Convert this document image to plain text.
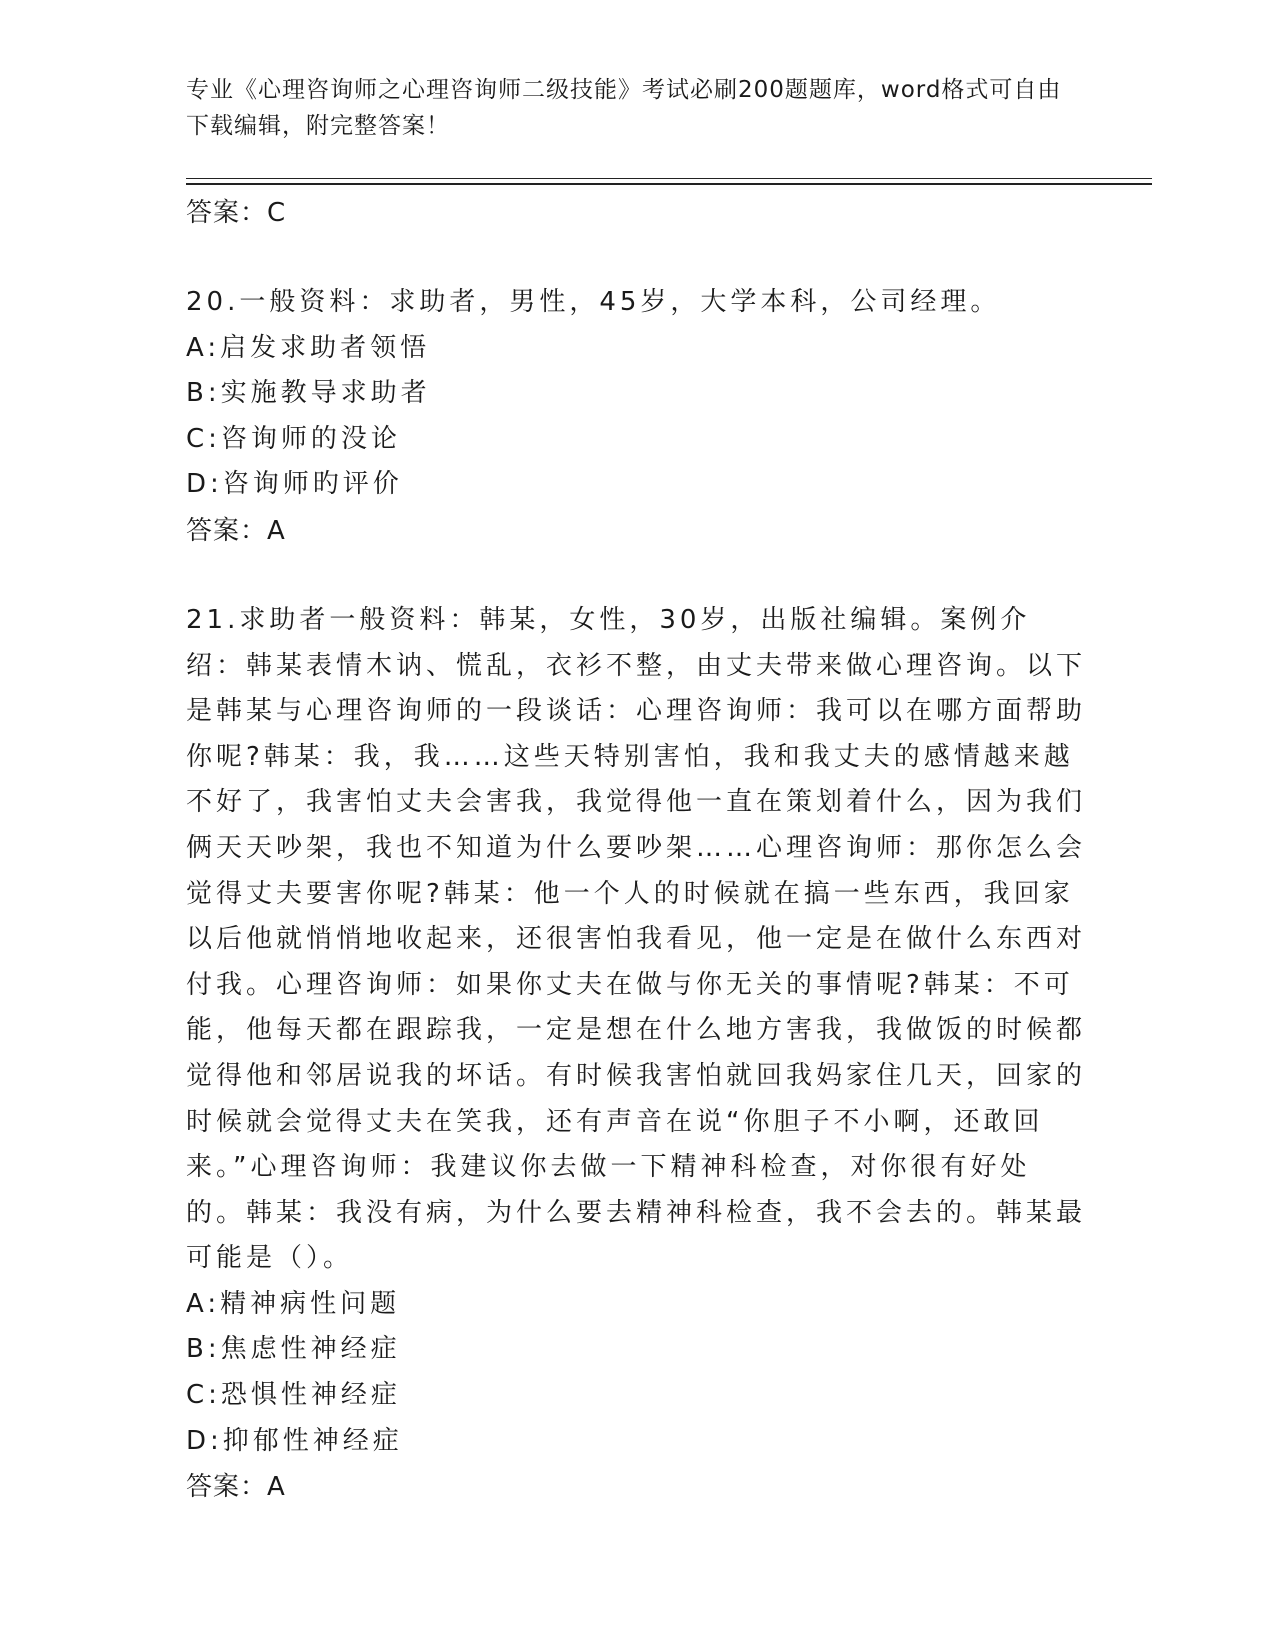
专业《心理咨询师之心理咨询师二级技能》考试必刷200题题库，word格式可自由下载编辑，附完整答案！
答案：C

20.一般资料：求助者，男性，45岁，大学本科，公司经理。

A:启发求助者领悟
B:实施教导求助者
C:咨询师的没论
D:咨询师旳评价
答案：A

21.求助者一般资料：韩某，女性，30岁，出版社编辑。案例介绍：韩某表情木讷、慌乱，衣衫不整，由丈夫带来做心理咨询。以下是韩某与心理咨询师的一段谈话：心理咨询师：我可以在哪方面帮助你呢?韩某：我，我……这些天特别害怕，我和我丈夫的感情越来越不好了，我害怕丈夫会害我，我觉得他一直在策划着什么，因为我们俩天天吵架，我也不知道为什么要吵架……心理咨询师：那你怎么会觉得丈夫要害你呢?韩某：他一个人的时候就在搞一些东西，我回家以后他就悄悄地收起来，还很害怕我看见，他一定是在做什么东西对付我。心理咨询师：如果你丈夫在做与你无关的事情呢?韩某：不可能，他每天都在跟踪我，一定是想在什么地方害我，我做饭的时候都觉得他和邻居说我的坏话。有时候我害怕就回我妈家住几天，回家的时候就会觉得丈夫在笑我，还有声音在说“你胆子不小啊，还敢回来。”心理咨询师：我建议你去做一下精神科检查，对你很有好处的。韩某：我没有病，为什么要去精神科检查，我不会去的。韩某最可能是（）。

A:精神病性问题
B:焦虑性神经症
C:恐惧性神经症
D:抑郁性神经症
答案：A
